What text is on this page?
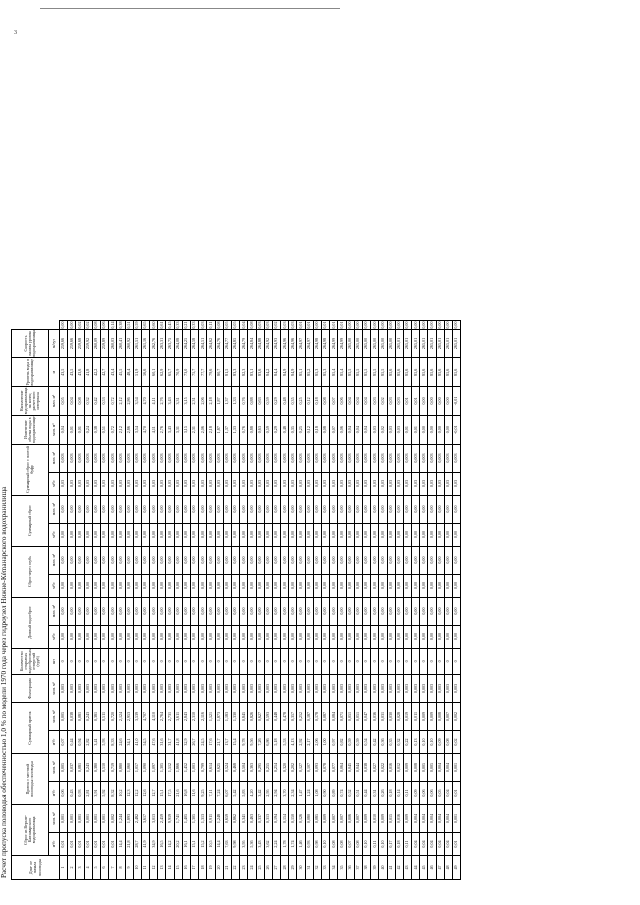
3
Расчет пропуска половодья обеспеченностью 1,0 % по модели 1970 года через гидроузел Нижне-Кémанарского водохранилища	Дни- ое начала половодья	Сброс из Верхне- Канзаварского водохранилища		Приток с местной половодья половодья		Суммарный приток		Фильтрация	Количество открытых водосбросных отверстий (труб)	Донный водосброс		Сброс через глубь		Суммарный сброс		Суммарный сброс с плотой буфр		Изменение объема воды в водохранилище	Наполнение водохранилища на конец расчетного интервала	Уровень воды в водохранилище	Скорость налива уровня водохранилища	
	м³/с	млн. м³	м³/с	млн. м³	м³/с	млн. м³	млн. м³	шт	м³/с	млн. м³	м³/с	млн. м³	м³/с	млн. м³	м³/с	млн. м³	млн. м³	млн. м³	м	м/сут	
1	0,01	0,001	0,06	0,005	0,07	0,005	0,003	0	0,00	0,00	0,00	0,00	0,00	0,00	0,03	0,003	0,04	0,05	43,5	259,66	0,00
2	0,01	0,001	0,43	0,037	0,44	0,038	0,003	0	0,00	0,00	0,00	0,00	0,00	0,00	0,03	0,003	0,01	0,04	43,5	259,66	0,00
3	0,01	0,001	0,93	0,081	0,94	0,081	0,003	0	0,00	0,00	0,00	0,00	0,00	0,00	0,03	0,003	0,01	0,08	43,6	259,68	0,02
4	0,01	0,001	2,81	0,243	2,82	0,243	0,003	0	0,00	0,00	0,00	0,00	0,00	0,00	0,03	0,003	0,24	0,32	41,8	259,92	0,02
5	0,01	0,001	3,91	0,380	3,41	0,381	0,003	0	0,00	0,00	0,00	0,00	0,00	0,00	0,03	0,003	0,38	0,42	42,2	260,09	0,08
6	0,01	0,001	5,92	0,510	5,93	0,511	0,003	0	0,00	0,00	0,00	0,00	0,00	0,00	0,03	0,003	0,51	0,53	42,7	259,89	0,06
7	0,01	0,002	8,32	0,719	8,33	0,720	0,003	0	0,00	0,00	0,00	0,00	0,00	0,00	0,03	0,003	0,72	0,72	43,4	260,03	0,14
8	14,4	1,244	10,2	0,880	24,6	2,124	0,003	0	0,00	0,00	0,00	0,00	0,00	0,00	0,03	0,003	2,12	2,12	45,5	260,41	0,38
9	21,8	1,893	12,3	1,060	34,1	2,953	0,003	0	0,00	0,00	0,00	0,00	0,00	0,00	0,03	0,003	2,86	2,86	48,4	260,92	0,51
10	28,7	2,482	12,2	1,057	41,0	3,539	0,003	0	0,00	0,00	0,00	0,00	0,00	0,00	0,03	0,003	3,54	3,54	51,9	261,51	0,59
11	41,9	3,617	12,6	1,090	54,5	4,707	0,003	0	0,00	0,00	0,00	0,00	0,00	0,00	0,03	0,003	4,70	4,70	56,6	261,16	0,65
12	34,9	3,013	12,7	1,097	47,6	4,110	0,003	0	0,00	0,00	0,00	0,00	0,00	0,00	0,03	0,003	4,11	4,11	60,1	262,76	0,60
13	16,5	2,459	15,1	1,305	31,6	2,764	0,003	0	0,00	0,00	0,00	0,00	0,00	0,00	0,03	0,003	2,76	2,76	62,9	263,31	0,61
14	14,2	9,919	17,5	1,512	31,7	2,731	0,003	0	0,00	0,00	0,00	0,00	0,00	0,00	0,03	0,003	3,43	3,43	65,7	263,75	0,45
15	20,2	1,741	21,6	1,866	41,8	3,611	0,003	0	0,00	0,00	0,00	0,00	0,00	0,00	0,03	0,003	3,31	3,31	70,9	264,08	0,33
16	16,1	1,405	16,8	1,452	32,9	2,843	0,003	0	0,00	0,00	0,00	0,00	0,00	0,00	0,03	0,003	3,15	3,15	73,0	264,25	0,21
17	15,1	1,305	11,6	1,003	26,7	2,310	0,003	0	0,00	0,00	0,00	0,00	0,00	0,00	0,03	0,003	2,31	2,31	75,7	264,58	0,33
18	15,2	1,313	9,25	0,799	24,5	2,116	0,003	0	0,00	0,00	0,00	0,00	0,00	0,00	0,03	0,003	2,06	2,06	77,7	264,51	0,03
19	10,5	0,911	7,11	0,614	17,6	1,521	0,003	0	0,00	0,00	0,00	0,00	0,00	0,00	0,03	0,003	2,18	2,18	79,6	264,62	0,11
20	14,4	1,248	7,24	0,625	21,7	1,873	0,003	0	0,00	0,00	0,00	0,00	0,00	0,00	0,03	0,003	1,87	1,87	80,7	264,76	0,08
21	7,63	0,659	6,07	0,524	13,7	1,183	0,003	0	0,00	0,00	0,00	0,00	0,00	0,00	0,03	0,003	1,37	1,37	81,5	264,77	0,05
22	9,98	0,862	5,42	0,468	15,4	1,330	0,003	0	0,00	0,00	0,00	0,00	0,00	0,00	0,03	0,003	1,33	1,33	83,3	264,85	0,05
23	3,95	0,341	5,83	0,504	9,78	0,845	0,003	0	0,00	0,00	0,00	0,00	0,00	0,00	0,03	0,003	0,76	0,76	82,3	264,79	0,04
24	5,36	0,463	4,20	0,363	9,56	0,826	0,003	0	0,00	0,00	0,00	0,00	0,00	0,00	0,03	0,003	0,88	0,88	83,1	264,84	0,08
25	3,43	0,337	3,42	0,295	7,26	0,627	0,003	0	0,00	0,00	0,00	0,00	0,00	0,00	0,03	0,003	0,63	0,63	83,6	264,88	0,03
26	3,62	0,313	2,95	0,255	6,86	0,593	0,003	0	0,00	0,00	0,00	0,00	0,00	0,00	0,03	0,003	0,59	0,59	84,2	264,92	0,03
27	2,24	0,194	2,94	0,254	5,18	0,448	0,003	0	0,00	0,00	0,00	0,00	0,00	0,00	0,03	0,003	0,29	0,29	84,4	264,93	0,02
28	1,78	0,154	3,70	0,320	5,53	0,478	0,003	0	0,00	0,00	0,00	0,00	0,00	0,00	0,03	0,003	0,48	0,48	84,9	264,96	0,03
29	1,74	0,150	2,34	0,202	4,13	0,357	0,003	0	0,00	0,00	0,00	0,00	0,00	0,00	0,03	0,003	0,35	0,35	84,9	264,96	0,03
30	1,46	0,126	1,47	0,127	2,92	0,252	0,003	0	0,00	0,00	0,00	0,00	0,00	0,00	0,03	0,003	0,25	0,25	85,1	264,97	0,01
31	0,93	0,080	1,24	0,107	2,17	0,187	0,003	0	0,00	0,00	0,00	0,00	0,00	0,00	0,03	0,003	0,12	0,12	85,2	264,97	0,01
32	0,98	0,085	1,08	0,093	2,06	0,178	0,003	0	0,00	0,00	0,00	0,00	0,00	0,00	0,03	0,003	0,18	0,18	85,3	264,98	0,00
33	0,10	0,009	0,90	0,078	1,00	0,087	0,003	0	0,00	0,00	0,00	0,00	0,00	0,00	0,03	0,003	0,08	0,08	85,3	264,98	0,01
34	0,08	0,007	0,89	0,077	0,97	0,084	0,003	0	0,00	0,00	0,00	0,00	0,00	0,00	0,03	0,003	0,07	0,07	85,4	264,99	0,01
35	0,08	0,007	0,74	0,064	0,82	0,071	0,003	0	0,00	0,00	0,00	0,00	0,00	0,00	0,03	0,003	0,06	0,06	85,4	264,99	0,01
36	0,07	0,006	0,52	0,045	0,59	0,051	0,003	0	0,00	0,00	0,00	0,00	0,00	0,00	0,03	0,003	0,04	0,04	85,5	265,00	0,00
37	0,08	0,007	0,51	0,044	0,59	0,051	0,003	0	0,00	0,00	0,00	0,00	0,00	0,00	0,03	0,003	0,04	0,04	85,5	265,00	0,00
38	0,10	0,009	0,44	0,038	0,54	0,047	0,003	0	0,00	0,00	0,00	0,00	0,00	0,00	0,03	0,003	0,04	0,04	85,5	265,00	0,00
39	0,11	0,010	0,31	0,027	0,42	0,036	0,003	0	0,00	0,00	0,00	0,00	0,00	0,00	0,03	0,003	0,03	0,03	85,5	265,00	0,00
40	0,10	0,009	0,26	0,022	0,36	0,031	0,003	0	0,00	0,00	0,00	0,00	0,00	0,00	0,03	0,003	0,02	0,02	85,5	265,00	0,00
41	0,17	0,015	0,18	0,016	0,35	0,030	0,003	0	0,00	0,00	0,00	0,00	0,00	0,00	0,03	0,003	0,03	0,03	85,6	265,00	0,00
42	0,18	0,016	0,14	0,012	0,32	0,028	0,003	0	0,00	0,00	0,00	0,00	0,00	0,00	0,03	0,003	0,03	0,03	85,6	265,01	0,00
43	0,11	0,009	0,11	0,009	0,22	0,019	0,003	0	0,00	0,00	0,00	0,00	0,00	0,00	0,03	0,003	0,01	0,01	85,6	265,01	0,00
44	0,04	0,004	0,09	0,008	0,13	0,011	0,003	0	0,00	0,00	0,00	0,00	0,00	0,00	0,03	0,003	0,01	0,01	85,6	265,01	0,00
45	0,04	0,004	0,06	0,005	0,10	0,009	0,003	0	0,00	0,00	0,00	0,00	0,00	0,00	0,03	0,003	0,00	0,00	85,6	265,01	0,00
46	0,04	0,004	0,06	0,005	0,10	0,009	0,003	0	0,00	0,00	0,00	0,00	0,00	0,00	0,03	0,003	0,00	0,00	85,6	265,01	0,00
47	0,04	0,004	0,05	0,004	0,09	0,008	0,003	0	0,00	0,00	0,00	0,00	0,00	0,00	0,03	0,003	0,00	0,00	85,6	265,01	0,00
48	0,04	0,004	0,04	0,004	0,08	0,007	0,003	0	0,00	0,00	0,00	0,00	0,00	0,00	0,03	0,003	0,00	0,00	85,6	265,01	0,00
49	0,01	0,001	0,01	0,001	0,02	0,002	0,003	0	0,00	0,00	0,00	0,00	0,00	0,00	0,03	0,003	-0,01	-0,01	85,6	265,01	0,00
